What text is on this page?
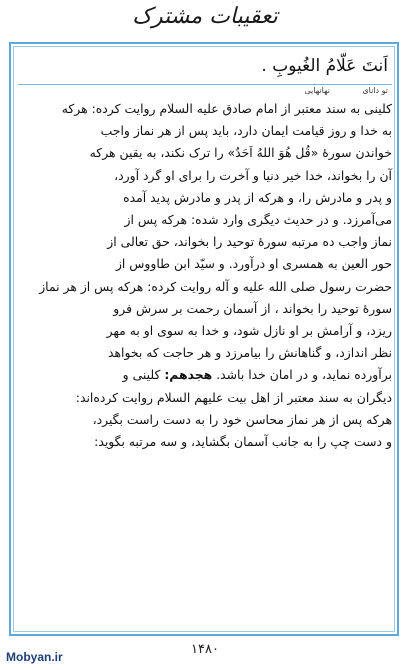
تعقیبات مشترک
اَنتَ عَلّامُ الغُیوبِ .
تو دانای
نهانهایی
کلینی به سند معتبر از امام صادق علیه السلام روایت کرده: هرکه
به خدا و روز قیامت ایمان دارد، باید پس از هر نماز واجب
خواندن سورهٔ «قُل هُوَ اللهُ اَحَدٌ» را ترک نکند، به یقین هرکه
آن را بخواند، خدا خیر دنیا و آخرت را برای او گرد آورد،
و پدر و مادرش را، و هرکه از پدر و مادرش پدید آمده
می‌آمرزد. و در حدیث دیگری وارد شده: هرکه پس از
نماز واجب ده مرتبه سورهٔ توحید را بخواند، حق تعالی از
حور العین به همسری او درآورد. و سیّد ابن طاووس از
حضرت رسول صلی الله علیه و آله روایت کرده: هرکه پس از هر نماز
سورهٔ توحید را بخواند ، از آسمان رحمت بر سرش فرو
ریزد، و آرامش بر او نازل شود، و خدا به سوی او به مهر
نظر اندازد، و گناهانش را بیامرزد و هر حاجت که بخواهد
برآورده نماید، و در امان خدا باشد. هجدهم: کلینی و
دیگران به سند معتبر از اهل بیت علیهم السلام روایت کرده‌اند:
هرکه پس از هر نماز محاسن خود را به دست راست بگیرد،
و دست چپ را به جانب آسمان بگشاید، و سه مرتبه بگوید:
۱۴۸۰
Mobyan.ir
